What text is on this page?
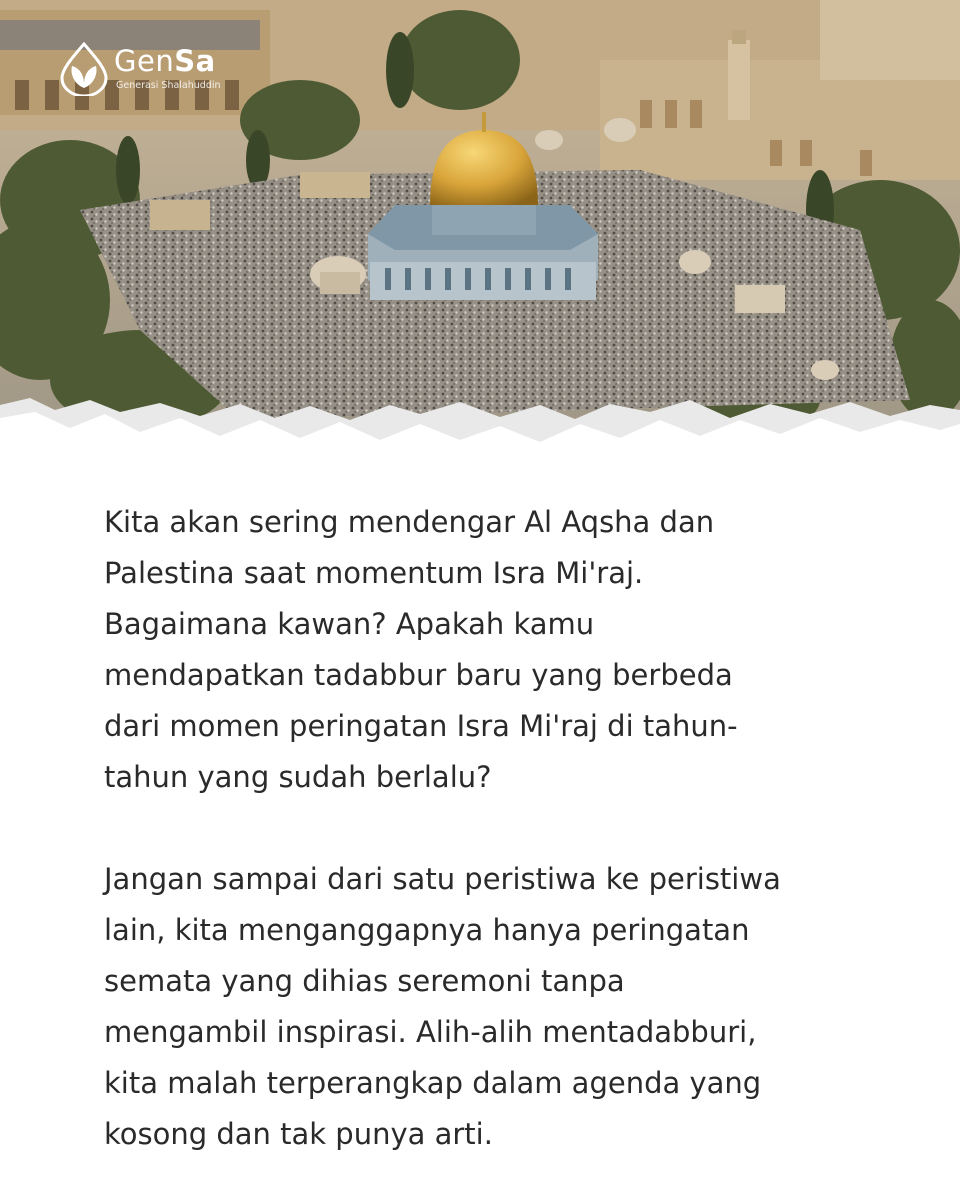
GenSa
Generasi Shalahuddin

Kita akan sering mendengar Al Aqsha dan
Palestina saat momentum Isra Mi'raj.
Bagaimana kawan? Apakah kamu
mendapatkan tadabbur baru yang berbeda
dari momen peringatan Isra Mi'raj di tahun-
tahun yang sudah berlalu?

Jangan sampai dari satu peristiwa ke peristiwa
lain, kita menganggapnya hanya peringatan
semata yang dihias seremoni tanpa
mengambil inspirasi. Alih-alih mentadabburi,
kita malah terperangkap dalam agenda yang
kosong dan tak punya arti.
